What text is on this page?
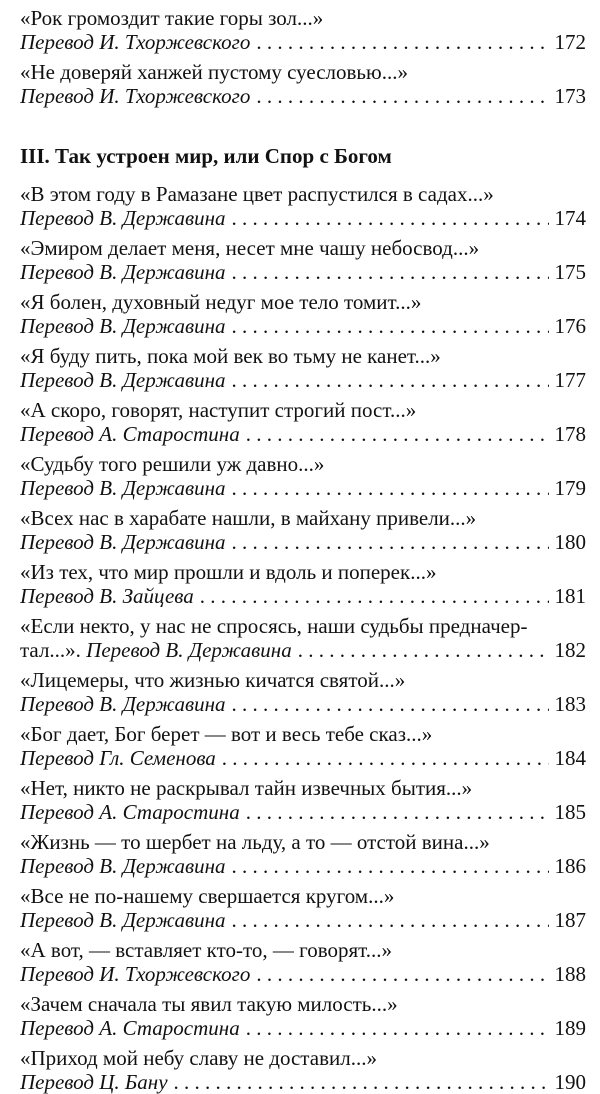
«Рок громоздит такие горы зол...»
Перевод И. Тхоржевского . . .	172
«Не доверяй ханжей пустому суесловью...»
Перевод И. Тхоржевского . . .	173
III. Так устроен мир, или Спор с Богом
«В этом году в Рамазане цвет распустился в садах...»
Перевод В. Державина . . .	174
«Эмиром делает меня, несет мне чашу небосвод...»
Перевод В. Державина . . .	175
«Я болен, духовный недуг мое тело томит...»
Перевод В. Державина . . .	176
«Я буду пить, пока мой век во тьму не канет...»
Перевод В. Державина . . .	177
«А скоро, говорят, наступит строгий пост...»
Перевод А. Старостина . . .	178
«Судьбу того решили уж давно...»
Перевод В. Державина . . .	179
«Всех нас в харабате нашли, в майхану привели...»
Перевод В. Державина . . .	180
«Из тех, что мир прошли и вдоль и поперек...»
Перевод В. Зайцева . . .	181
«Если некто, у нас не спросясь, наши судьбы предначер-
тал...». Перевод В. Державина . . .	182
«Лицемеры, что жизнью кичатся святой...»
Перевод В. Державина . . .	183
«Бог дает, Бог берет — вот и весь тебе сказ...»
Перевод Гл. Семенова . . .	184
«Нет, никто не раскрывал тайн извечных бытия...»
Перевод А. Старостина . . .	185
«Жизнь — то шербет на льду, а то — отстой вина...»
Перевод В. Державина . . .	186
«Все не по-нашему свершается кругом...»
Перевод В. Державина . . .	187
«А вот, — вставляет кто-то, — говорят...»
Перевод И. Тхоржевского . . .	188
«Зачем сначала ты явил такую милость...»
Перевод А. Старостина . . .	189
«Приход мой небу славу не доставил...»
Перевод Ц. Бану . . .	190
